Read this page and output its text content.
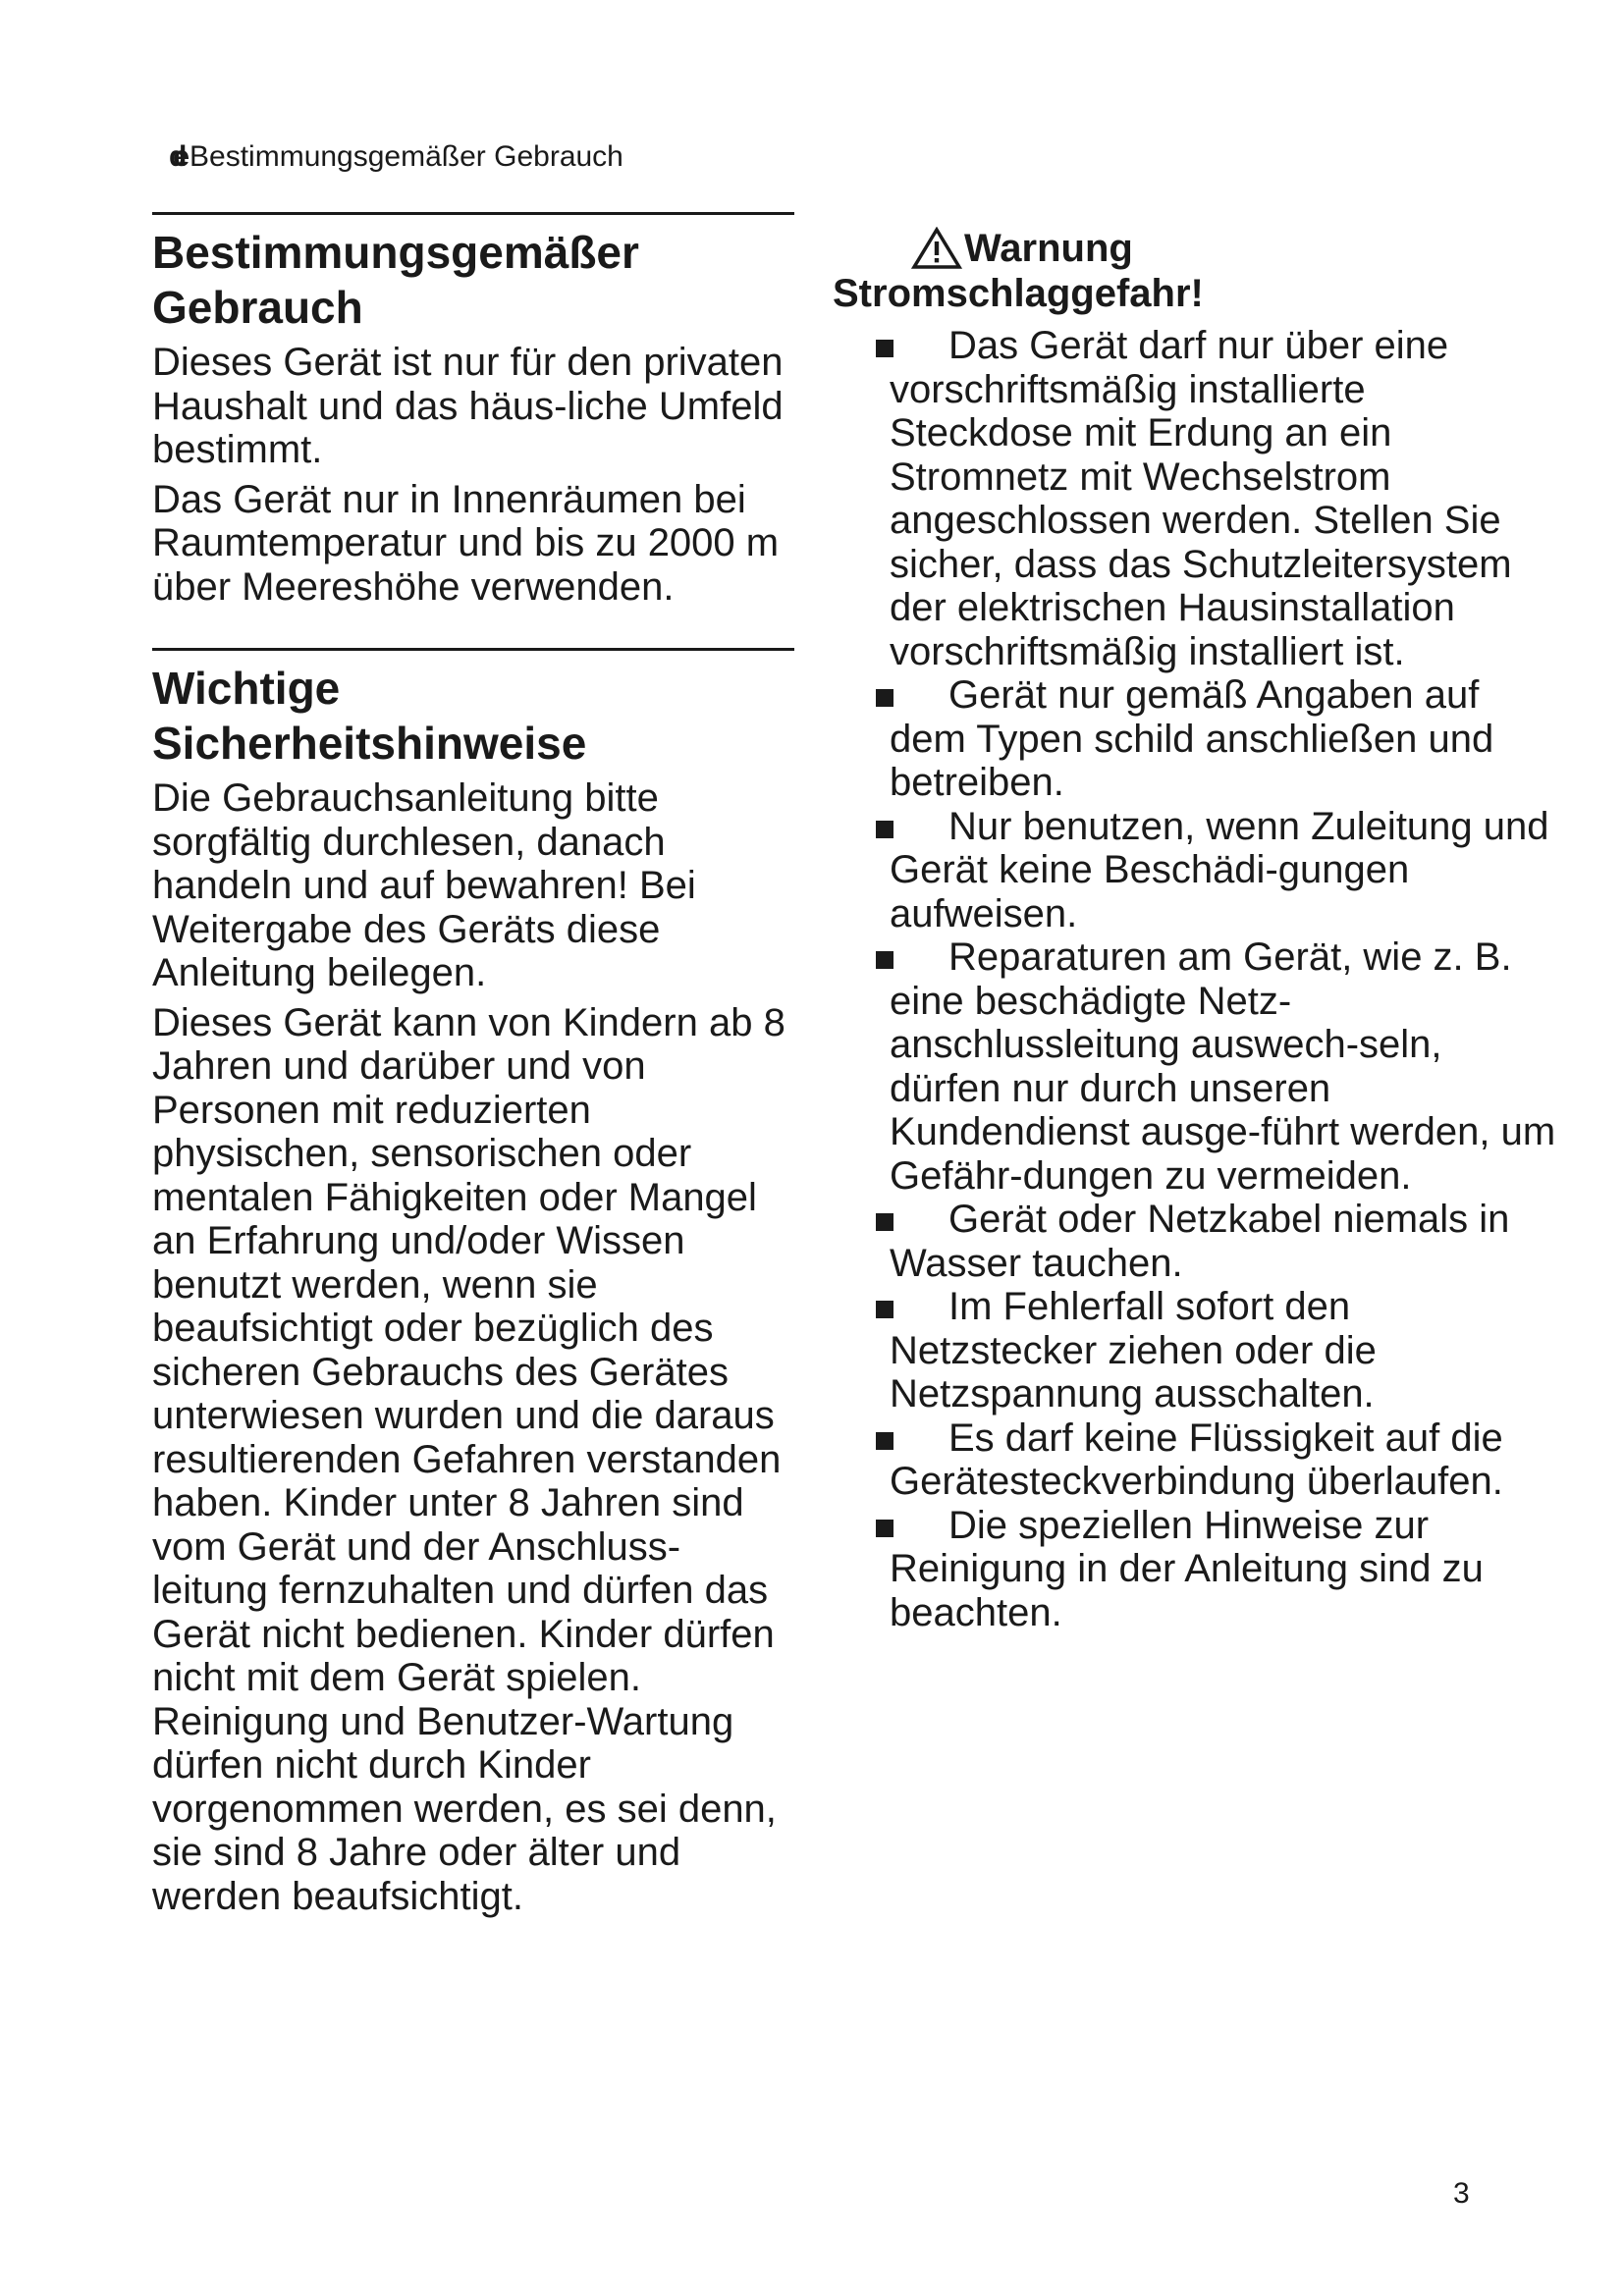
de Bestimmungsgemäßer Gebrauch
Bestimmungsgemäßer
Gebrauch

Dieses Gerät ist nur für den privaten Haushalt und das häus-liche Umfeld bestimmt.

Das Gerät nur in Innenräumen bei Raumtemperatur und bis zu 2000 m über Meereshöhe verwenden.

Wichtige
Sicherheitshinweise

Die Gebrauchsanleitung bitte sorgfältig durchlesen, danach handeln und auf bewahren! Bei Weitergabe des Geräts diese Anleitung beilegen.

Dieses Gerät kann von Kindern ab 8 Jahren und darüber und von Personen mit reduzierten physischen, sensorischen oder mentalen Fähigkeiten oder Mangel an Erfahrung und/oder Wissen benutzt werden, wenn sie beaufsichtigt oder bezüglich des sicheren Gebrauchs des Gerätes unterwiesen wurden und die daraus resultierenden Gefahren verstanden haben. Kinder unter 8 Jahren sind vom Gerät und der Anschluss-leitung fernzuhalten und dürfen das Gerät nicht bedienen. Kinder dürfen nicht mit dem Gerät spielen. Reinigung und Benutzer-Wartung dürfen nicht durch Kinder vorgenommen werden, es sei denn, sie sind 8 Jahre oder älter und werden beaufsichtigt.

Warnung
Stromschlaggefahr!
Das Gerät darf nur über eine vorschriftsmäßig installierte Steckdose mit Erdung an ein Stromnetz mit Wechselstrom angeschlossen werden. Stellen Sie sicher, dass das Schutzleitersystem der elektrischen Hausinstallation vorschriftsmäßig installiert ist.
Gerät nur gemäß Angaben auf dem Typen schild anschließen und betreiben.
Nur benutzen, wenn Zuleitung und Gerät keine Beschädi-gungen aufweisen.
Reparaturen am Gerät, wie z. B. eine beschädigte Netz-anschlussleitung auswech-seln, dürfen nur durch unseren Kundendienst ausge-führt werden, um Gefähr-dungen zu vermeiden.
Gerät oder Netzkabel niemals in Wasser tauchen.
Im Fehlerfall sofort den Netzstecker ziehen oder die Netzspannung ausschalten.
Es darf keine Flüssigkeit auf die Gerätesteckverbindung überlaufen.
Die speziellen Hinweise zur Reinigung in der Anleitung sind zu beachten.
3
